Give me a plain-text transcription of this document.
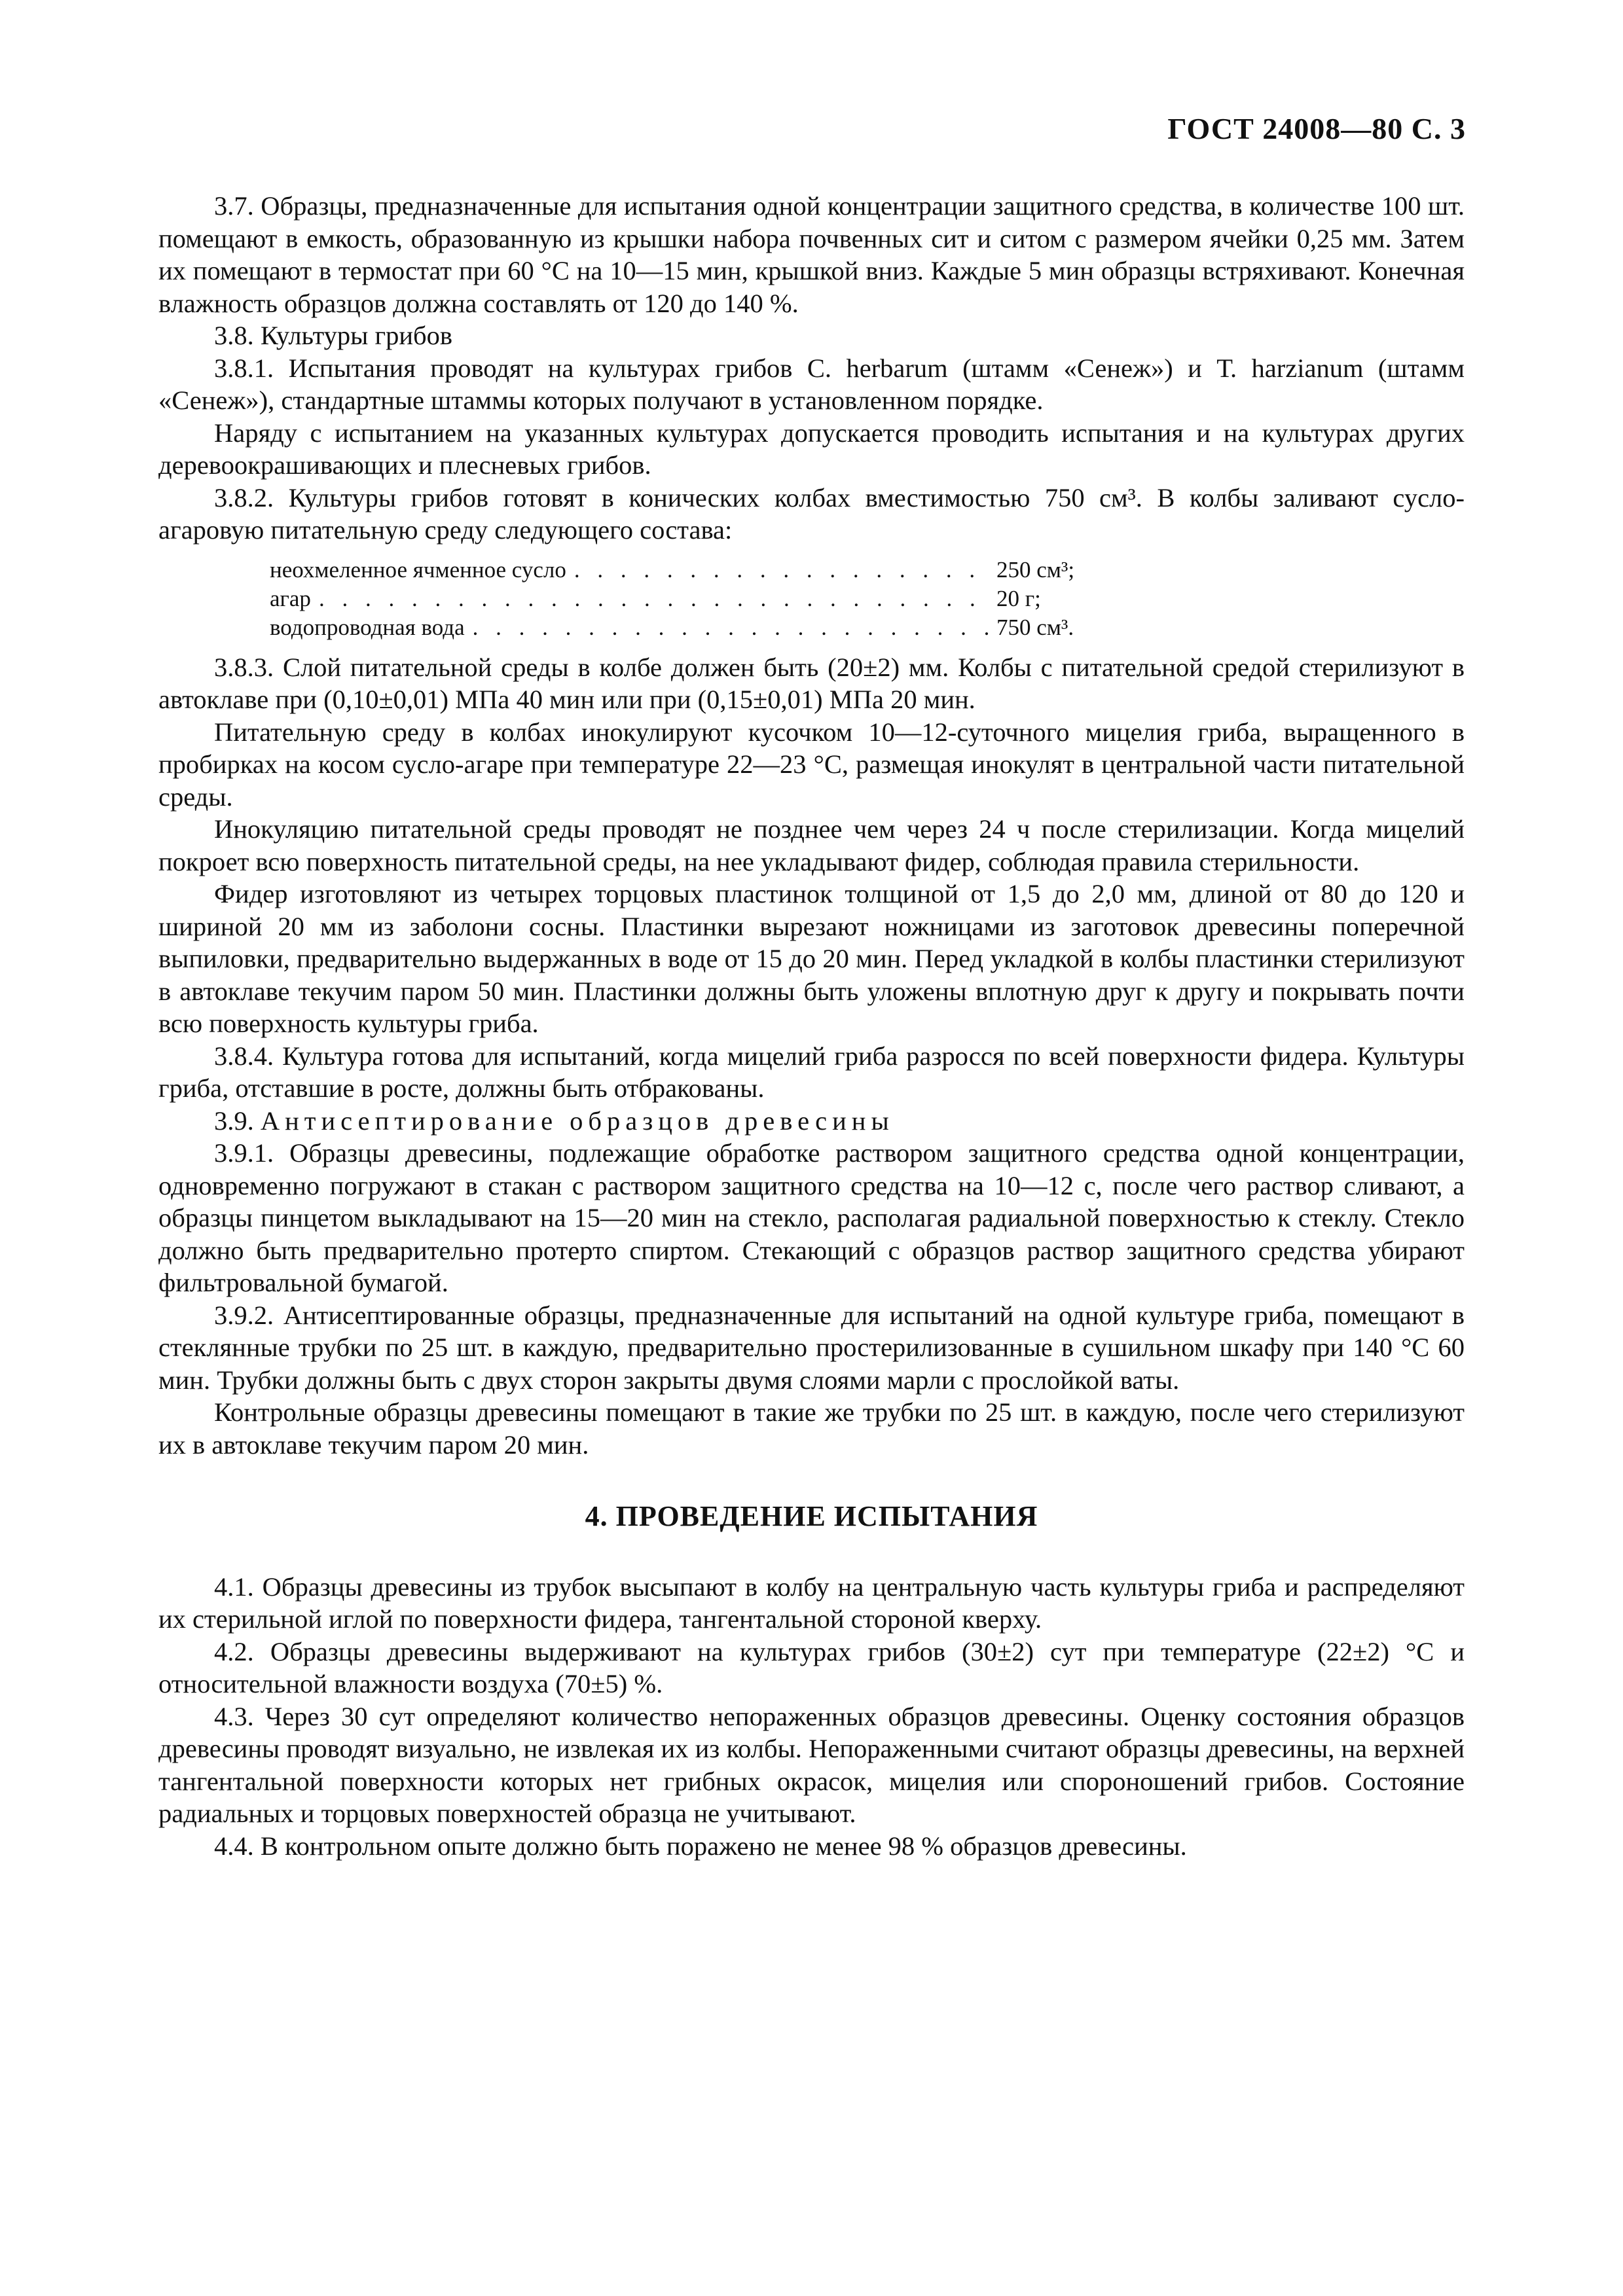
ГОСТ 24008—80 С. 3

3.7. Образцы, предназначенные для испытания одной концентрации защитного средства, в количестве 100 шт. помещают в емкость, образованную из крышки набора почвенных сит и ситом с размером ячейки 0,25 мм. Затем их помещают в термостат при 60 °С на 10—15 мин, крышкой вниз. Каждые 5 мин образцы встряхивают. Конечная влажность образцов должна составлять от 120 до 140 %.

3.8. Культуры грибов

3.8.1. Испытания проводят на культурах грибов С. herbarum (штамм «Сенеж») и Т. harzianum (штамм «Сенеж»), стандартные штаммы которых получают в установленном порядке.

Наряду с испытанием на указанных культурах допускается проводить испытания и на культурах других деревоокрашивающих и плесневых грибов.

3.8.2. Культуры грибов готовят в конических колбах вместимостью 750 см³. В колбы заливают сусло-агаровую питательную среду следующего состава:

неохмеленное ячменное сусло . . .	250 см³;
агар . . .	20 г;
водопроводная вода . . .	750 см³.

3.8.3. Слой питательной среды в колбе должен быть (20±2) мм. Колбы с питательной средой стерилизуют в автоклаве при (0,10±0,01) МПа 40 мин или при (0,15±0,01) МПа 20 мин.

Питательную среду в колбах инокулируют кусочком 10—12-суточного мицелия гриба, выращенного в пробирках на косом сусло-агаре при температуре 22—23 °С, размещая инокулят в центральной части питательной среды.

Инокуляцию питательной среды проводят не позднее чем через 24 ч после стерилизации. Когда мицелий покроет всю поверхность питательной среды, на нее укладывают фидер, соблюдая правила стерильности.

Фидер изготовляют из четырех торцовых пластинок толщиной от 1,5 до 2,0 мм, длиной от 80 до 120 и шириной 20 мм из заболони сосны. Пластинки вырезают ножницами из заготовок древесины поперечной выпиловки, предварительно выдержанных в воде от 15 до 20 мин. Перед укладкой в колбы пластинки стерилизуют в автоклаве текучим паром 50 мин. Пластинки должны быть уложены вплотную друг к другу и покрывать почти всю поверхность культуры гриба.

3.8.4. Культура готова для испытаний, когда мицелий гриба разросся по всей поверхности фидера. Культуры гриба, отставшие в росте, должны быть отбракованы.

3.9. Антисептирование образцов древесины

3.9.1. Образцы древесины, подлежащие обработке раствором защитного средства одной концентрации, одновременно погружают в стакан с раствором защитного средства на 10—12 с, после чего раствор сливают, а образцы пинцетом выкладывают на 15—20 мин на стекло, располагая радиальной поверхностью к стеклу. Стекло должно быть предварительно протерто спиртом. Стекающий с образцов раствор защитного средства убирают фильтровальной бумагой.

3.9.2. Антисептированные образцы, предназначенные для испытаний на одной культуре гриба, помещают в стеклянные трубки по 25 шт. в каждую, предварительно простерилизованные в сушильном шкафу при 140 °С 60 мин. Трубки должны быть с двух сторон закрыты двумя слоями марли с прослойкой ваты.

Контрольные образцы древесины помещают в такие же трубки по 25 шт. в каждую, после чего стерилизуют их в автоклаве текучим паром 20 мин.

4. ПРОВЕДЕНИЕ ИСПЫТАНИЯ

4.1. Образцы древесины из трубок высыпают в колбу на центральную часть культуры гриба и распределяют их стерильной иглой по поверхности фидера, тангентальной стороной кверху.

4.2. Образцы древесины выдерживают на культурах грибов (30±2) сут при температуре (22±2) °С и относительной влажности воздуха (70±5) %.

4.3. Через 30 сут определяют количество непораженных образцов древесины. Оценку состояния образцов древесины проводят визуально, не извлекая их из колбы. Непораженными считают образцы древесины, на верхней тангентальной поверхности которых нет грибных окрасок, мицелия или спороношений грибов. Состояние радиальных и торцовых поверхностей образца не учитывают.

4.4. В контрольном опыте должно быть поражено не менее 98 % образцов древесины.
